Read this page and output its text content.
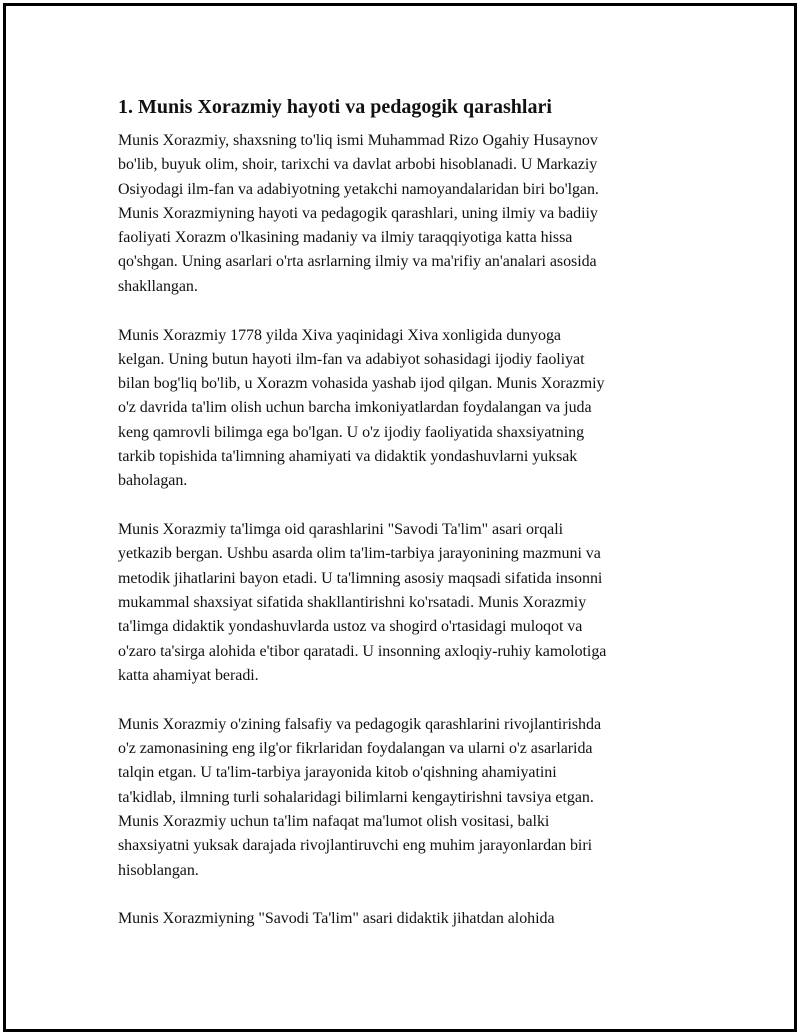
1. Munis Xorazmiy hayoti va pedagogik qarashlari
Munis Xorazmiy, shaxsning to'liq ismi Muhammad Rizo Ogahiy Husaynov
bo'lib, buyuk olim, shoir, tarixchi va davlat arbobi hisoblanadi. U Markaziy
Osiyodagi ilm-fan va adabiyotning yetakchi namoyandalaridan biri bo'lgan.
Munis Xorazmiyning hayoti va pedagogik qarashlari, uning ilmiy va badiiy
faoliyati Xorazm o'lkasining madaniy va ilmiy taraqqiyotiga katta hissa
qo'shgan. Uning asarlari o'rta asrlarning ilmiy va ma'rifiy an'analari asosida
shakllangan.
Munis Xorazmiy 1778 yilda Xiva yaqinidagi Xiva xonligida dunyoga
kelgan. Uning butun hayoti ilm-fan va adabiyot sohasidagi ijodiy faoliyat
bilan bog'liq bo'lib, u Xorazm vohasida yashab ijod qilgan. Munis Xorazmiy
o'z davrida ta'lim olish uchun barcha imkoniyatlardan foydalangan va juda
keng qamrovli bilimga ega bo'lgan. U o'z ijodiy faoliyatida shaxsiyatning
tarkib topishida ta'limning ahamiyati va didaktik yondashuvlarni yuksak
baholagan.
Munis Xorazmiy ta'limga oid qarashlarini "Savodi Ta'lim" asari orqali
yetkazib bergan. Ushbu asarda olim ta'lim-tarbiya jarayonining mazmuni va
metodik jihatlarini bayon etadi. U ta'limning asosiy maqsadi sifatida insonni
mukammal shaxsiyat sifatida shakllantirishni ko'rsatadi. Munis Xorazmiy
ta'limga didaktik yondashuvlarda ustoz va shogird o'rtasidagi muloqot va
o'zaro ta'sirga alohida e'tibor qaratadi. U insonning axloqiy-ruhiy kamolotiga
katta ahamiyat beradi.
Munis Xorazmiy o'zining falsafiy va pedagogik qarashlarini rivojlantirishda
o'z zamonasining eng ilg'or fikrlaridan foydalangan va ularni o'z asarlarida
talqin etgan. U ta'lim-tarbiya jarayonida kitob o'qishning ahamiyatini
ta'kidlab, ilmning turli sohalaridagi bilimlarni kengaytirishni tavsiya etgan.
Munis Xorazmiy uchun ta'lim nafaqat ma'lumot olish vositasi, balki
shaxsiyatni yuksak darajada rivojlantiruvchi eng muhim jarayonlardan biri
hisoblangan.
Munis Xorazmiyning "Savodi Ta'lim" asari didaktik jihatdan alohida
